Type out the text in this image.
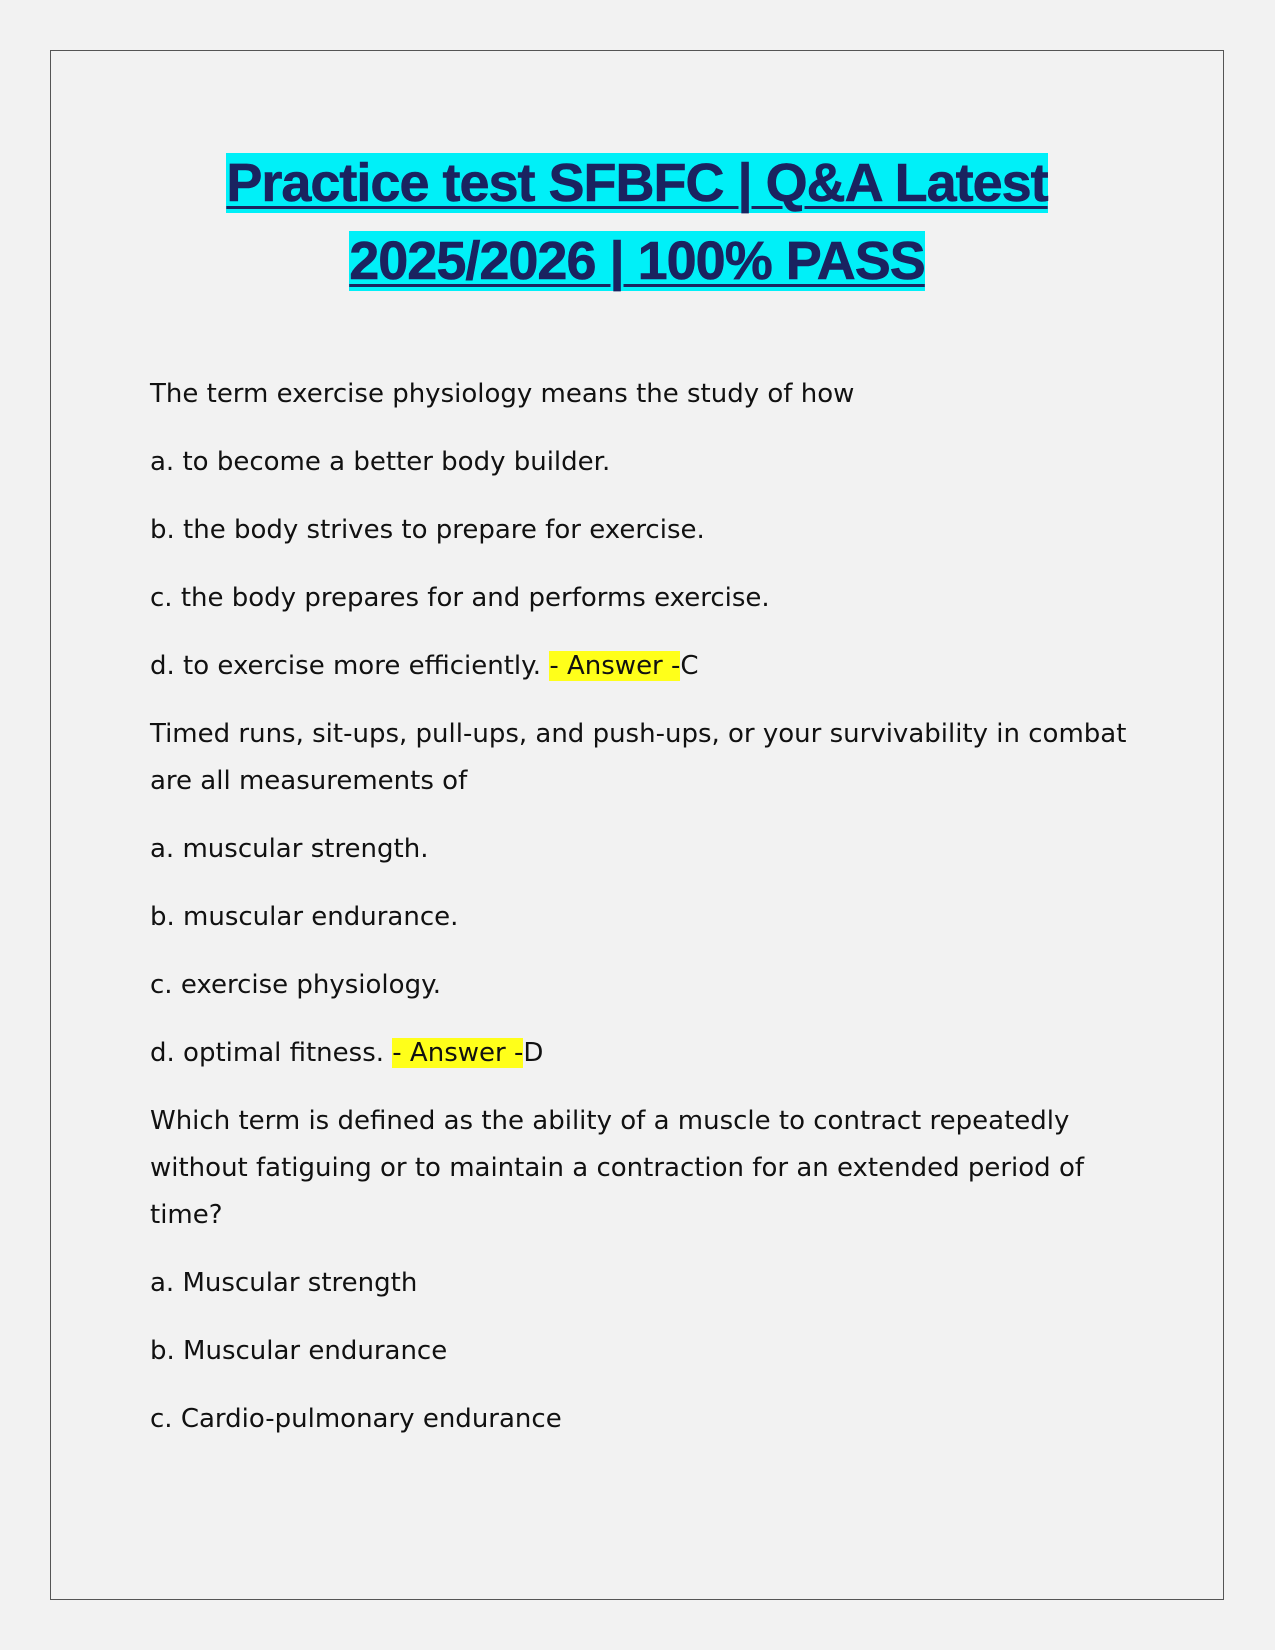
Practice test SFBFC | Q&A Latest
2025/2026 | 100% PASS

The term exercise physiology means the study of how

a. to become a better body builder.

b. the body strives to prepare for exercise.

c. the body prepares for and performs exercise.

d. to exercise more efficiently. - Answer -C

Timed runs, sit-ups, pull-ups, and push-ups, or your survivability in combat are all measurements of

a. muscular strength.

b. muscular endurance.

c. exercise physiology.

d. optimal fitness. - Answer -D

Which term is defined as the ability of a muscle to contract repeatedly without fatiguing or to maintain a contraction for an extended period of time?

a. Muscular strength

b. Muscular endurance

c. Cardio-pulmonary endurance
